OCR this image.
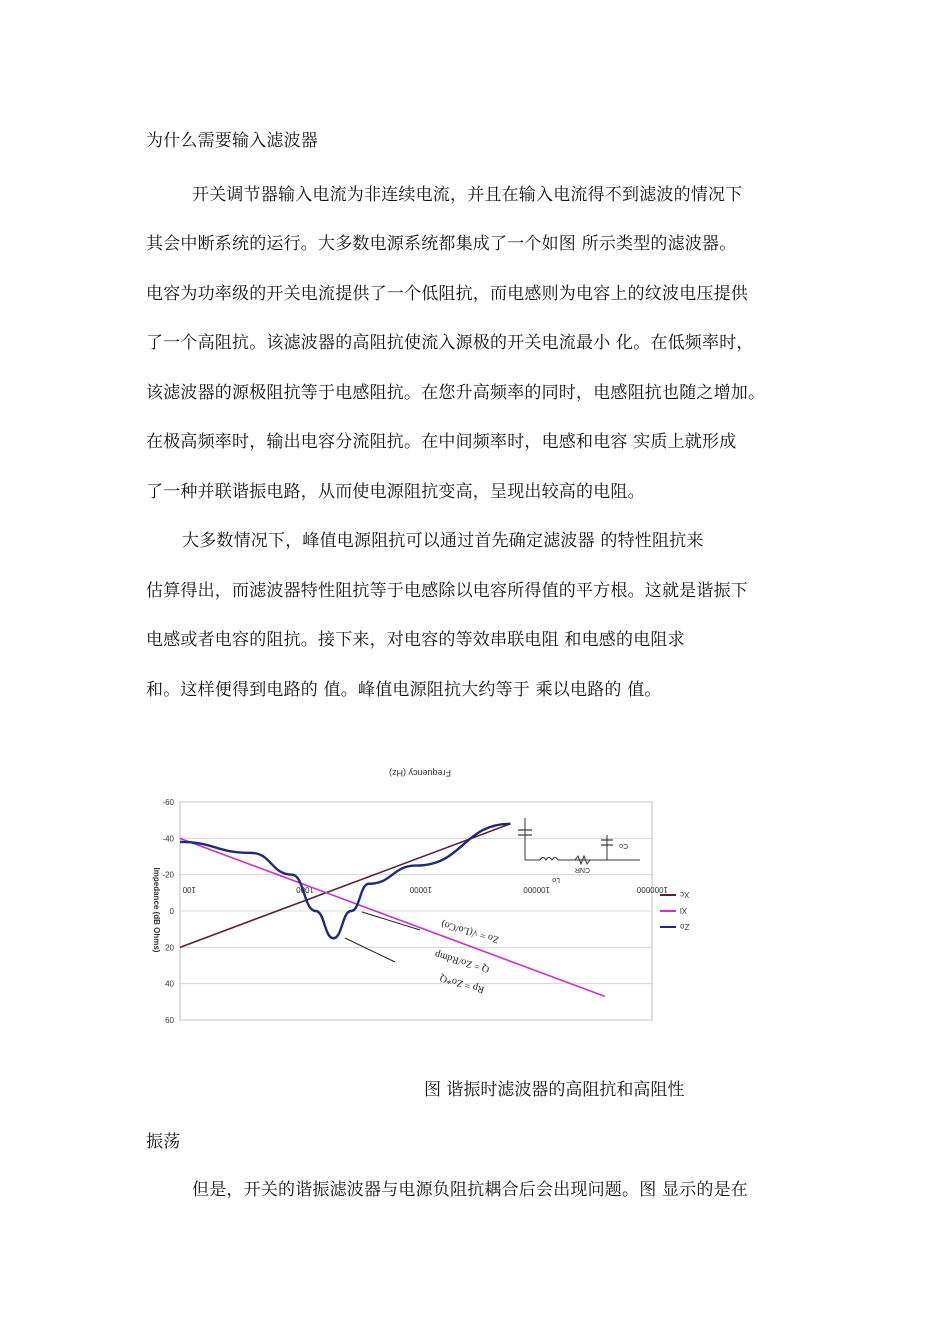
为什么需要输入滤波器
开关调节器输入电流为非连续电流，并且在输入电流得不到滤波的情况下
其会中断系统的运行。大多数电源系统都集成了一个如图 所示类型的滤波器。
电容为功率级的开关电流提供了一个低阻抗，而电感则为电容上的纹波电压提供
了一个高阻抗。该滤波器的高阻抗使流入源极的开关电流最小 化。在低频率时，
该滤波器的源极阻抗等于电感阻抗。在您升高频率的同时，电感阻抗也随之增加。
在极高频率时，输出电容分流阻抗。在中间频率时，电感和电容 实质上就形成
了一种并联谐振电路，从而使电源阻抗变高，呈现出较高的电阻。
大多数情况下，峰值电源阻抗可以通过首先确定滤波器 的特性阻抗来
估算得出，而滤波器特性阻抗等于电感除以电容所得值的平方根。这就是谐振下
电感或者电容的阻抗。接下来，对电容的等效串联电阻 和电感的电阻求
和。这样便得到电路的 值。峰值电源阻抗大约等于 乘以电路的 值。
-60
-40
-20
0
20
40
60
100	1000	10000	100000	1000000
Frequency (Hz)
Impedance (dB Ohms)	Zo = √(Lo/Co)
Q = Zo/Rdmp
Rp = Zo*Q
Co
Lo
CNR
Xc
Xl
Zo
图 谐振时滤波器的高阻抗和高阻性
振荡
但是，开关的谐振滤波器与电源负阻抗耦合后会出现问题。图 显示的是在
